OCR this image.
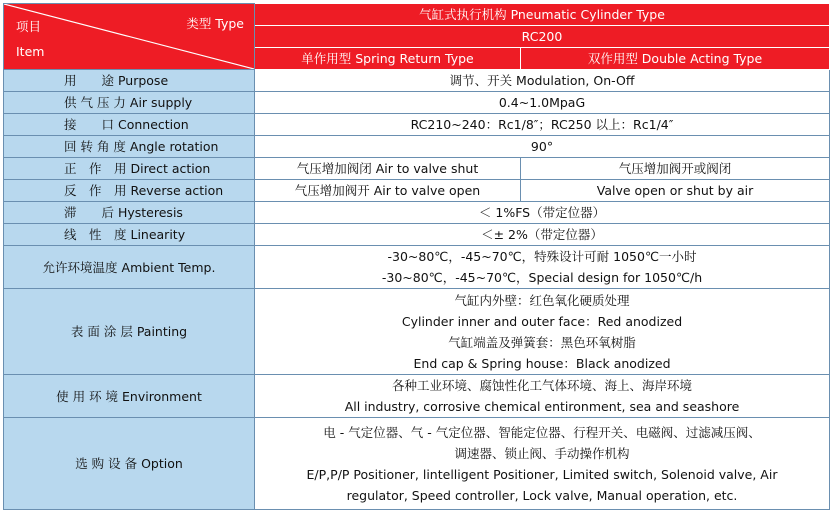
项目
Item
类型 Type	气缸式执行机构 Pneumatic Cylinder Type	
	RC200	
	单作用型 Spring Return Type	双作用型 Double Acting Type
用　　途 Purpose	调节、开关 Modulation, On-Off	
供 气 压 力 Air supply	0.4~1.0MpaG	
接　　口 Connection	RC210~240：Rc1/8″；RC250 以上：Rc1/4″	
回 转 角 度 Angle rotation	90°	
正　作　用 Direct action	气压增加阀闭 Air to valve shut	气压增加阀开或阀闭
反　作　用 Reverse action	气压增加阀开 Air to valve open	Valve open or shut by air
滞　　后 Hysteresis	＜ 1%FS（带定位器）	
线　性　度 Linearity	＜± 2%（带定位器）	
允许环境温度 Ambient Temp.	-30~80℃，-45~70℃，特殊设计可耐 1050℃一小时
-30~80℃，-45~70℃，Special design for 1050℃/h	

表 面 涂 层 Painting	气缸内外壁：红色氧化硬质处理
Cylinder inner and outer face：Red anodized
气缸端盖及弹簧套：黑色环氧树脂
End cap & Spring house：Black anodized	

使 用 环 境 Environment	各种工业环境、腐蚀性化工气体环境、海上、海岸环境
All industry, corrosive chemical entironment, sea and seashore	

选 购 设 备 Option	电 - 气定位器、气 - 气定位器、智能定位器、行程开关、电磁阀、过滤减压阀、
调速器、锁止阀、手动操作机构
E/P,P/P Positioner, lintelligent Positioner, Limited switch, Solenoid valve, Air
regulator, Speed controller, Lock valve, Manual operation, etc.	
